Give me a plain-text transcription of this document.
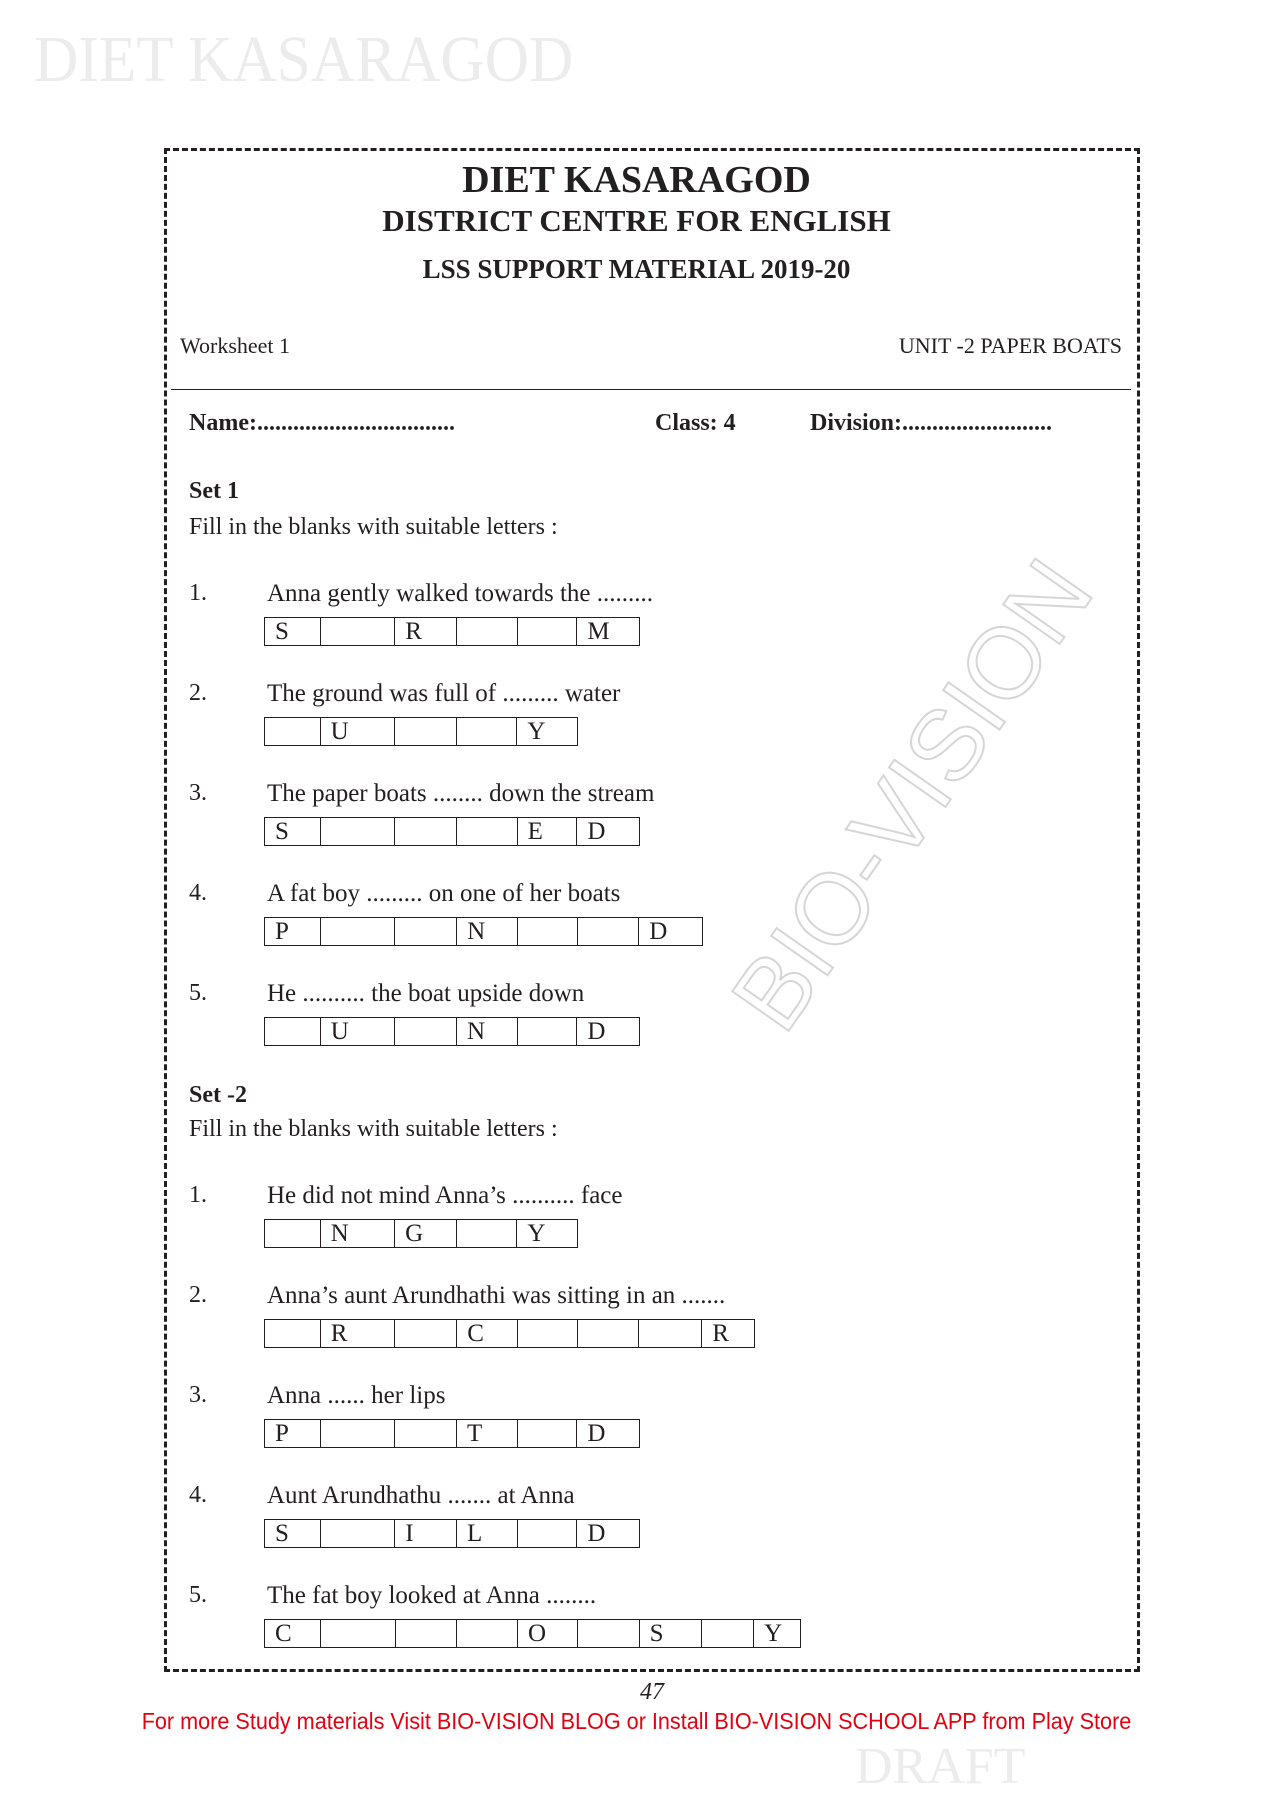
DIET KASARAGOD
BIO-VISION
DIET KASARAGOD
DISTRICT CENTRE FOR ENGLISH
LSS SUPPORT MATERIAL 2019-20
Worksheet 1	UNIT -2 PAPER BOATS
Name:.................................	Class: 4	Division:.........................
Set 1
Fill in the blanks with suitable letters :
1. Anna gently walked towards the .........
S	R	M
2. The ground was full of ......... water
U	Y
3. The paper boats ........ down the stream
S	E	D
4. A fat boy ......... on one of her boats
P	N	D
5. He .......... the boat upside down
U	N	D
Set -2
Fill in the blanks with suitable letters :
1. He did not mind Anna’s .......... face
N	G	Y
2. Anna’s aunt Arundhathi was sitting in an .......
R	C	R
3. Anna ...... her lips
P	T	D
4. Aunt Arundhathu ....... at Anna
S	I	L	D
5. The fat boy looked at Anna ........
C	O	S	Y
For more Study materials Visit BIO-VISION BLOG or Install BIO-VISION SCHOOL APP from Play Store
47
DRAFT
